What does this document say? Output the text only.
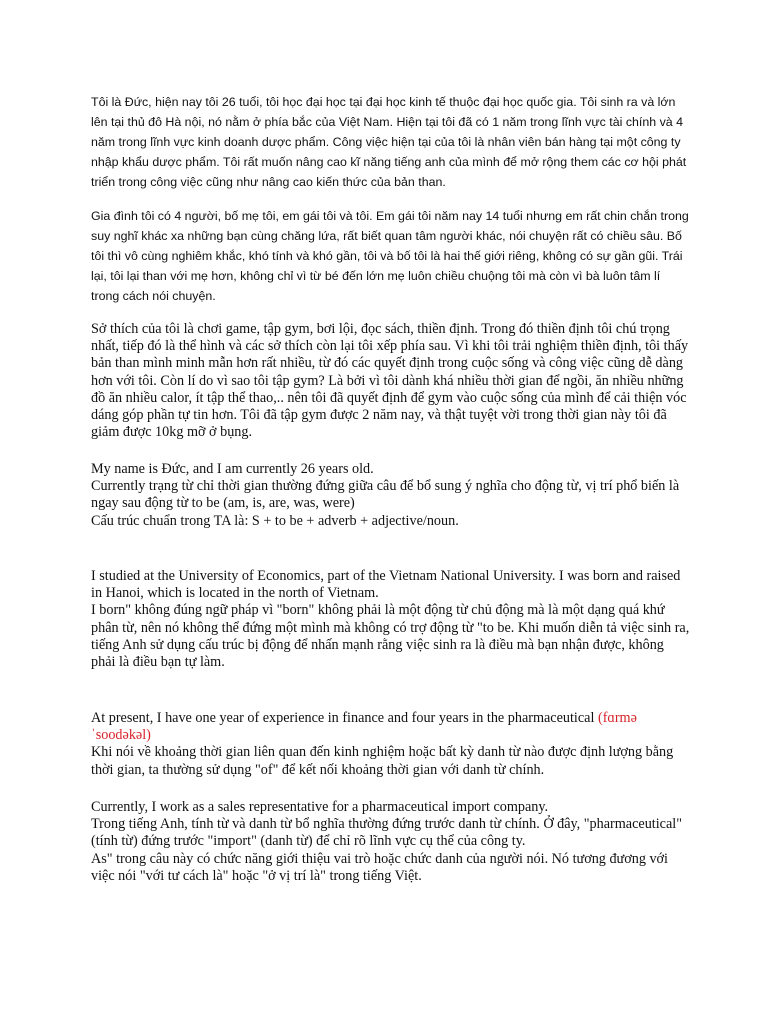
Tôi là Đức, hiện nay tôi 26 tuổi, tôi học đại học tại đại học kinh tế thuộc đại học quốc gia. Tôi sinh ra và lớn lên tại thủ đô Hà nội, nó nằm ở phía bắc của Việt Nam. Hiện tại tôi đã có 1 năm trong lĩnh vực tài chính và 4 năm trong lĩnh vực kinh doanh dược phẩm. Công việc hiện tại của tôi là nhân viên bán hàng tại một công ty nhập khẩu dược phẩm. Tôi rất muốn nâng cao kĩ năng tiếng anh của mình để mở rộng them các cơ hội phát triển trong công việc cũng như nâng cao kiến thức của bản than.

Gia đình tôi có 4 người, bố mẹ tôi, em gái tôi và tôi. Em gái tôi năm nay 14 tuổi nhưng em rất chin chắn trong suy nghĩ khác xa những bạn cùng chăng lứa, rất biết quan tâm người khác, nói chuyện rất có chiều sâu. Bố tôi thì vô cùng nghiêm khắc, khó tính và khó gần, tôi và bố tôi là hai thế giới riêng, không có sự gần gũi. Trái lại, tôi lại than với mẹ hơn, không chỉ vì từ bé đến lớn mẹ luôn chiều chuộng tôi mà còn vì bà luôn tâm lí trong cách nói chuyện.

Sở thích của tôi là chơi game, tập gym, bơi lội, đọc sách, thiền định. Trong đó thiền định tôi chú trọng nhất, tiếp đó là thể hình và các sở thích còn lại tôi xếp phía sau. Vì khi tôi trải nghiệm thiền định, tôi thấy bản than mình minh mẫn hơn rất nhiều, từ đó các quyết định trong cuộc sống và công việc cũng dễ dàng hơn với tôi. Còn lí do vì sao tôi tập gym? Là bởi vì tôi dành khá nhiều thời gian để ngồi, ăn nhiều những đồ ăn nhiều calor, ít tập thể thao,.. nên tôi đã quyết định để gym vào cuộc sống của mình để cải thiện vóc dáng góp phần tự tin hơn. Tôi đã tập gym được 2 năm nay, và thật tuyệt vời trong thời gian này tôi đã giảm được 10kg mỡ ở bụng.

My name is Đức, and I am currently 26 years old.

Currently trạng từ chỉ thời gian thường đứng giữa câu để bổ sung ý nghĩa cho động từ, vị trí phổ biến là ngay sau động từ to be (am, is, are, was, were)

Cấu trúc chuẩn trong TA là: S + to be + adverb + adjective/noun.

I studied at the University of Economics, part of the Vietnam National University. I was born and raised in Hanoi, which is located in the north of Vietnam.

I born" không đúng ngữ pháp vì "born" không phải là một động từ chủ động mà là một dạng quá khứ phân từ, nên nó không thể đứng một mình mà không có trợ động từ "to be. Khi muốn diễn tả việc sinh ra, tiếng Anh sử dụng cấu trúc bị động để nhấn mạnh rằng việc sinh ra là điều mà bạn nhận được, không phải là điều bạn tự làm.

At present, I have one year of experience in finance and four years in the pharmaceutical (fɑrmə ˈsoodəkəl)

Khi nói về khoảng thời gian liên quan đến kinh nghiệm hoặc bất kỳ danh từ nào được định lượng bằng thời gian, ta thường sử dụng "of" để kết nối khoảng thời gian với danh từ chính.

Currently, I work as a sales representative for a pharmaceutical import company.

Trong tiếng Anh, tính từ và danh từ bổ nghĩa thường đứng trước danh từ chính. Ở đây, "pharmaceutical" (tính từ) đứng trước "import" (danh từ) để chỉ rõ lĩnh vực cụ thể của công ty.

As" trong câu này có chức năng giới thiệu vai trò hoặc chức danh của người nói. Nó tương đương với việc nói "với tư cách là" hoặc "ở vị trí là" trong tiếng Việt.
